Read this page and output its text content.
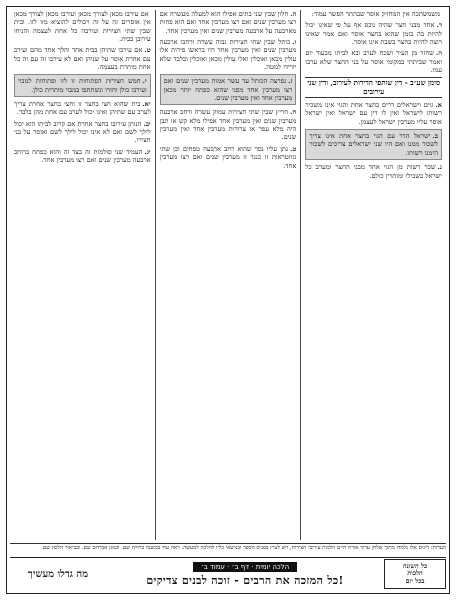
משמשתכה אין המחזיק אוסר שבהתר הפשר עמוד:
ד.אחד מבני חצר שהיה נוכס אף על פי שאינו יכול להיות בה בזמן שהוא בחצר אוסר ואם אמר שאינו רוצה להיות בחצר בשבת אינו אוסר.
ה.שחזר מן העיר ושכח לערב ובא לביתו מבעוד יום ואמר שביתתי במקומי אוסר על בני החצר שלא ערבו עמו.
סימן שע״ב - דין שותפי הדירות לעירוב, ודין שני עירובים
א.גוים וישראלים דרים בחצר אחת והגוי אינו משכיר רשותו לישראל ואין לו דין עם ישראל ואין ישראל אוסר עליו מערבין ישראל לעצמן.
ב.ישראל הדר עם הגוי בחצר אחת אינו צריך לשכור ממנו ואם היו שני ישראלים צריכים לשכור הימנו רשותו.
ג.שכר רשות מן הגוי אחד מבני החצר ומערב כל ישראל בשבילו ומותרין כולם.
ה.חלון שבין שני בתים אפילו הוא למעלה מעשרה אם רצו מערבין שנים ואם רצו מערבין אחד ואם הוא פחות מארבעה על ארבעה מערבין שנים ואין מערבין אחד.
ו.כותל שבין שתי חצירות גבוה עשרה ורחבו ארבעה מערבין שנים ואין מערבין אחד היו בראשו פירות אלו עולין מכאן ואוכלין ואלו עולין מכאן ואוכלין ובלבד שלא יורידו למטה.
ז.נפרצה הכותל עד עשר אמות מערבין שנים ואם רצו מערבין אחד מפני שהוא כפתח יותר מכאן מערבין אחד ואין מערבין שנים.
ח.חריץ שבין שתי חצירות עמוק עשרה ורחב ארבעה מערבין שנים ואין מערבין אחד אפילו מלא קש או תבן היה מלא עפר או צרורות מערבין אחד ואין מערבין שנים.
ט.נתן עליו נסר שהוא רחב ארבעה טפחים וכן שתי גזוזטראות זו כנגד זו מערבין שנים ואם רצו מערבין אחד.
אם עירבו מכאן לצורך מכאן ועירבו מכאן לצורך מכאן אין אוסרים זה על זה ויכולים להוציא מזו לזו. ובית שבין שתי חצירות ועירבה כל אחת לעצמה והניחו עירובן בבית.
ט.אם עירבו שתיהן בבית אחד והלך אחד מהם ועירב עם אחרת אוסר על שניהן ואם לא עירבו זה עם זה כל אחת מותרת בעצמה.
י.חמש חצירות הפתוחות זו לזו ופתוחות למבוי ועירבו כולן וחזרו ונשתתפו במבוי מותרות כולן.
יא.בית שהוא חצי בחצר זו וחצי בחצר אחרת צריך לערב עם שתיהן ואינו יכול לערב עם אחת מהן בלבד.
יב.הנותן עירובו בחצר אחרת אם קרוב לביתו הוא יכול לילך לשם ואם לא אינו יכול לילך לשם ואוסר על בני חצירו.
יג.העמיד שני סולמות זה בצד זה והוא כפתח ברוחב ארבעה מערבין שנים ואם רצו מערבין אחד.
הערות: דינים אלו נלמדו מתוך שלחן ערוך אורח חיים הלכות עירובי חצירות, ויש לעיין בפנים הספר ובנושאי כליו להלכה למעשה. ראה עוד במשנה ברורה שם. ובמגן אברהם שם. ובביאור הלכה שם.
כל השונה
הלכות
בכל יום
הלכה יומית · דף ב׳ · עמוד ב׳
!כל המזכה את הרבים - זוכה לבנים צדיקים
מה גדלו מעשיך
